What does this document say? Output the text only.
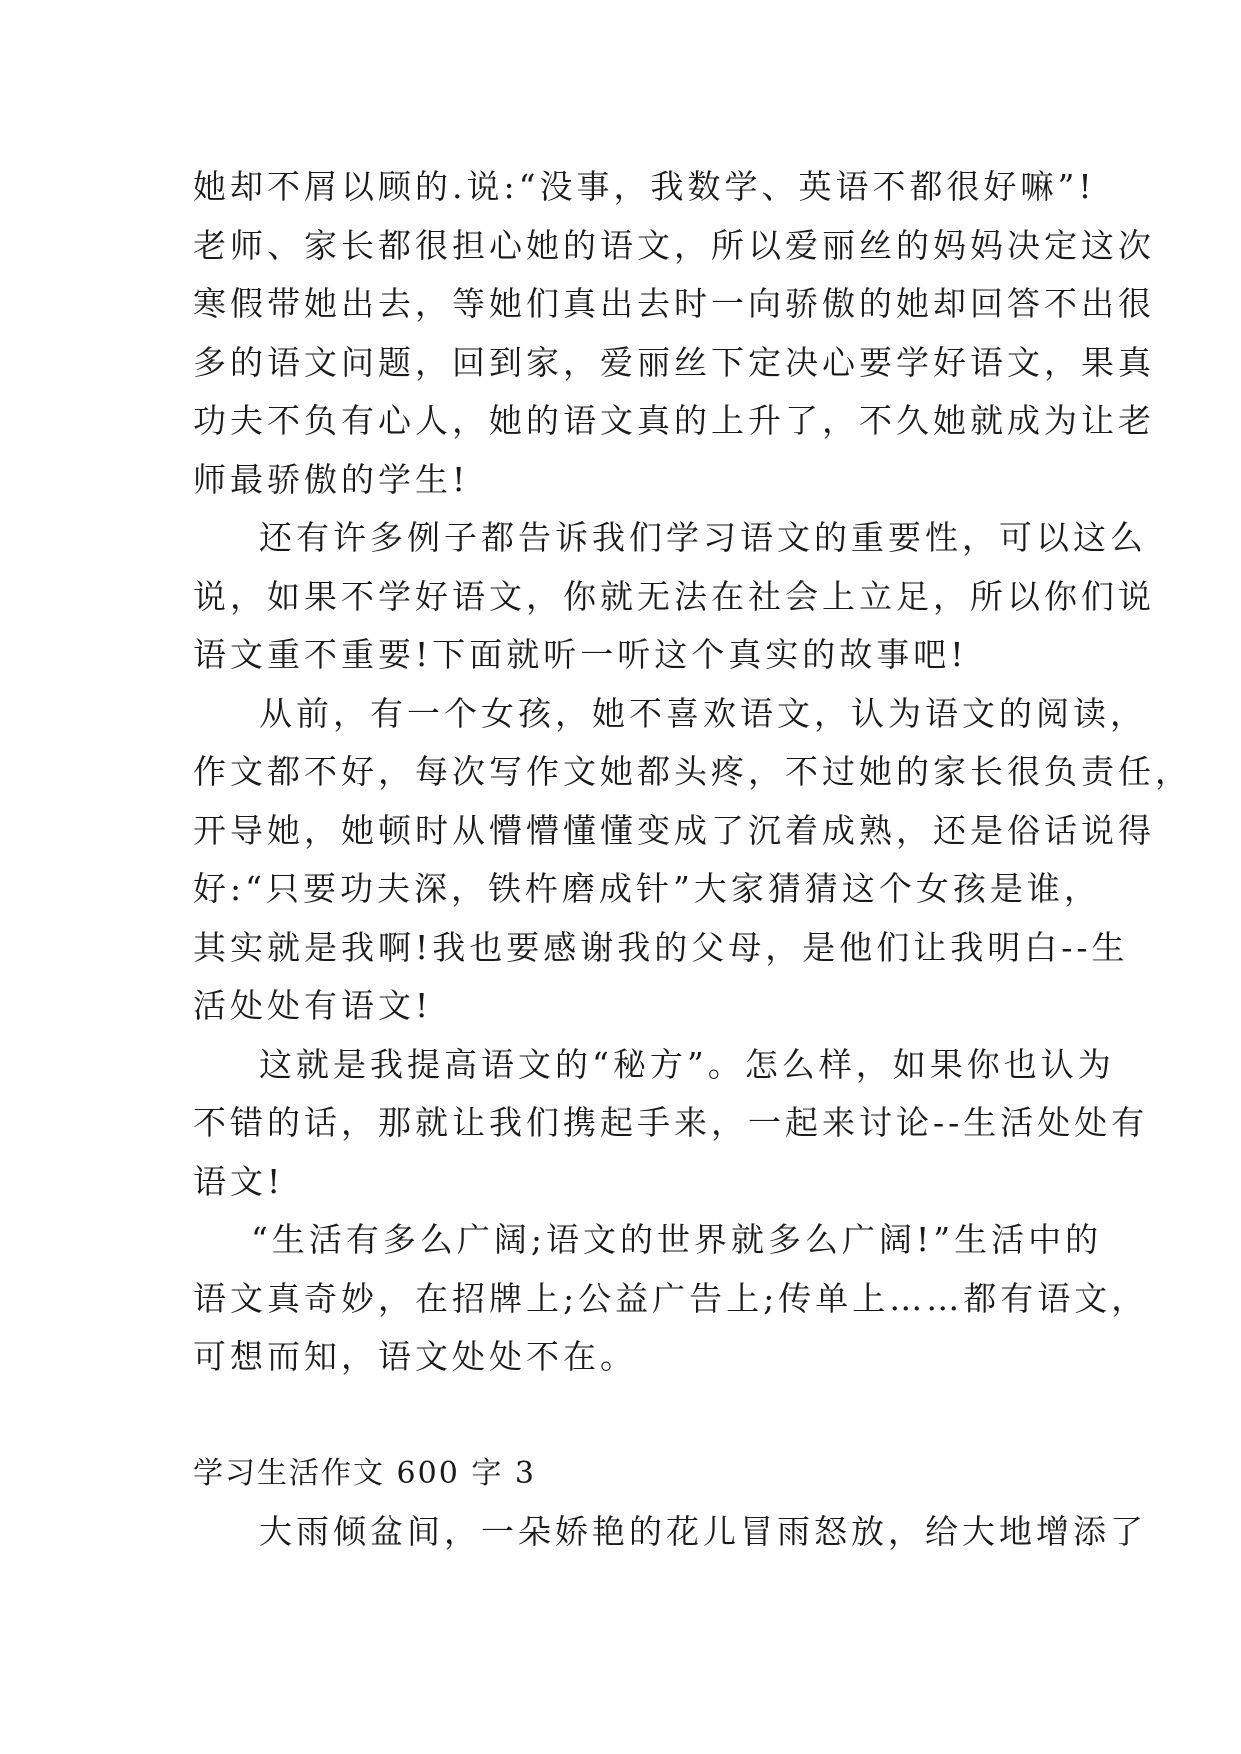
她却不屑以顾的.说:“没事，我数学、英语不都很好嘛”!
老师、家长都很担心她的语文，所以爱丽丝的妈妈决定这次
寒假带她出去，等她们真出去时一向骄傲的她却回答不出很
多的语文问题，回到家，爱丽丝下定决心要学好语文，果真
功夫不负有心人，她的语文真的上升了，不久她就成为让老
师最骄傲的学生!
还有许多例子都告诉我们学习语文的重要性，可以这么
说，如果不学好语文，你就无法在社会上立足，所以你们说
语文重不重要!下面就听一听这个真实的故事吧!
从前，有一个女孩，她不喜欢语文，认为语文的阅读，
作文都不好，每次写作文她都头疼，不过她的家长很负责任，
开导她，她顿时从懵懵懂懂变成了沉着成熟，还是俗话说得
好:“只要功夫深，铁杵磨成针”大家猜猜这个女孩是谁，
其实就是我啊!我也要感谢我的父母，是他们让我明白--生
活处处有语文!
这就是我提高语文的“秘方”。怎么样，如果你也认为
不错的话，那就让我们携起手来，一起来讨论--生活处处有
语文!
“生活有多么广阔;语文的世界就多么广阔!”生活中的
语文真奇妙，在招牌上;公益广告上;传单上……都有语文，
可想而知，语文处处不在。
学习生活作文 600 字 3
大雨倾盆间，一朵娇艳的花儿冒雨怒放，给大地增添了
